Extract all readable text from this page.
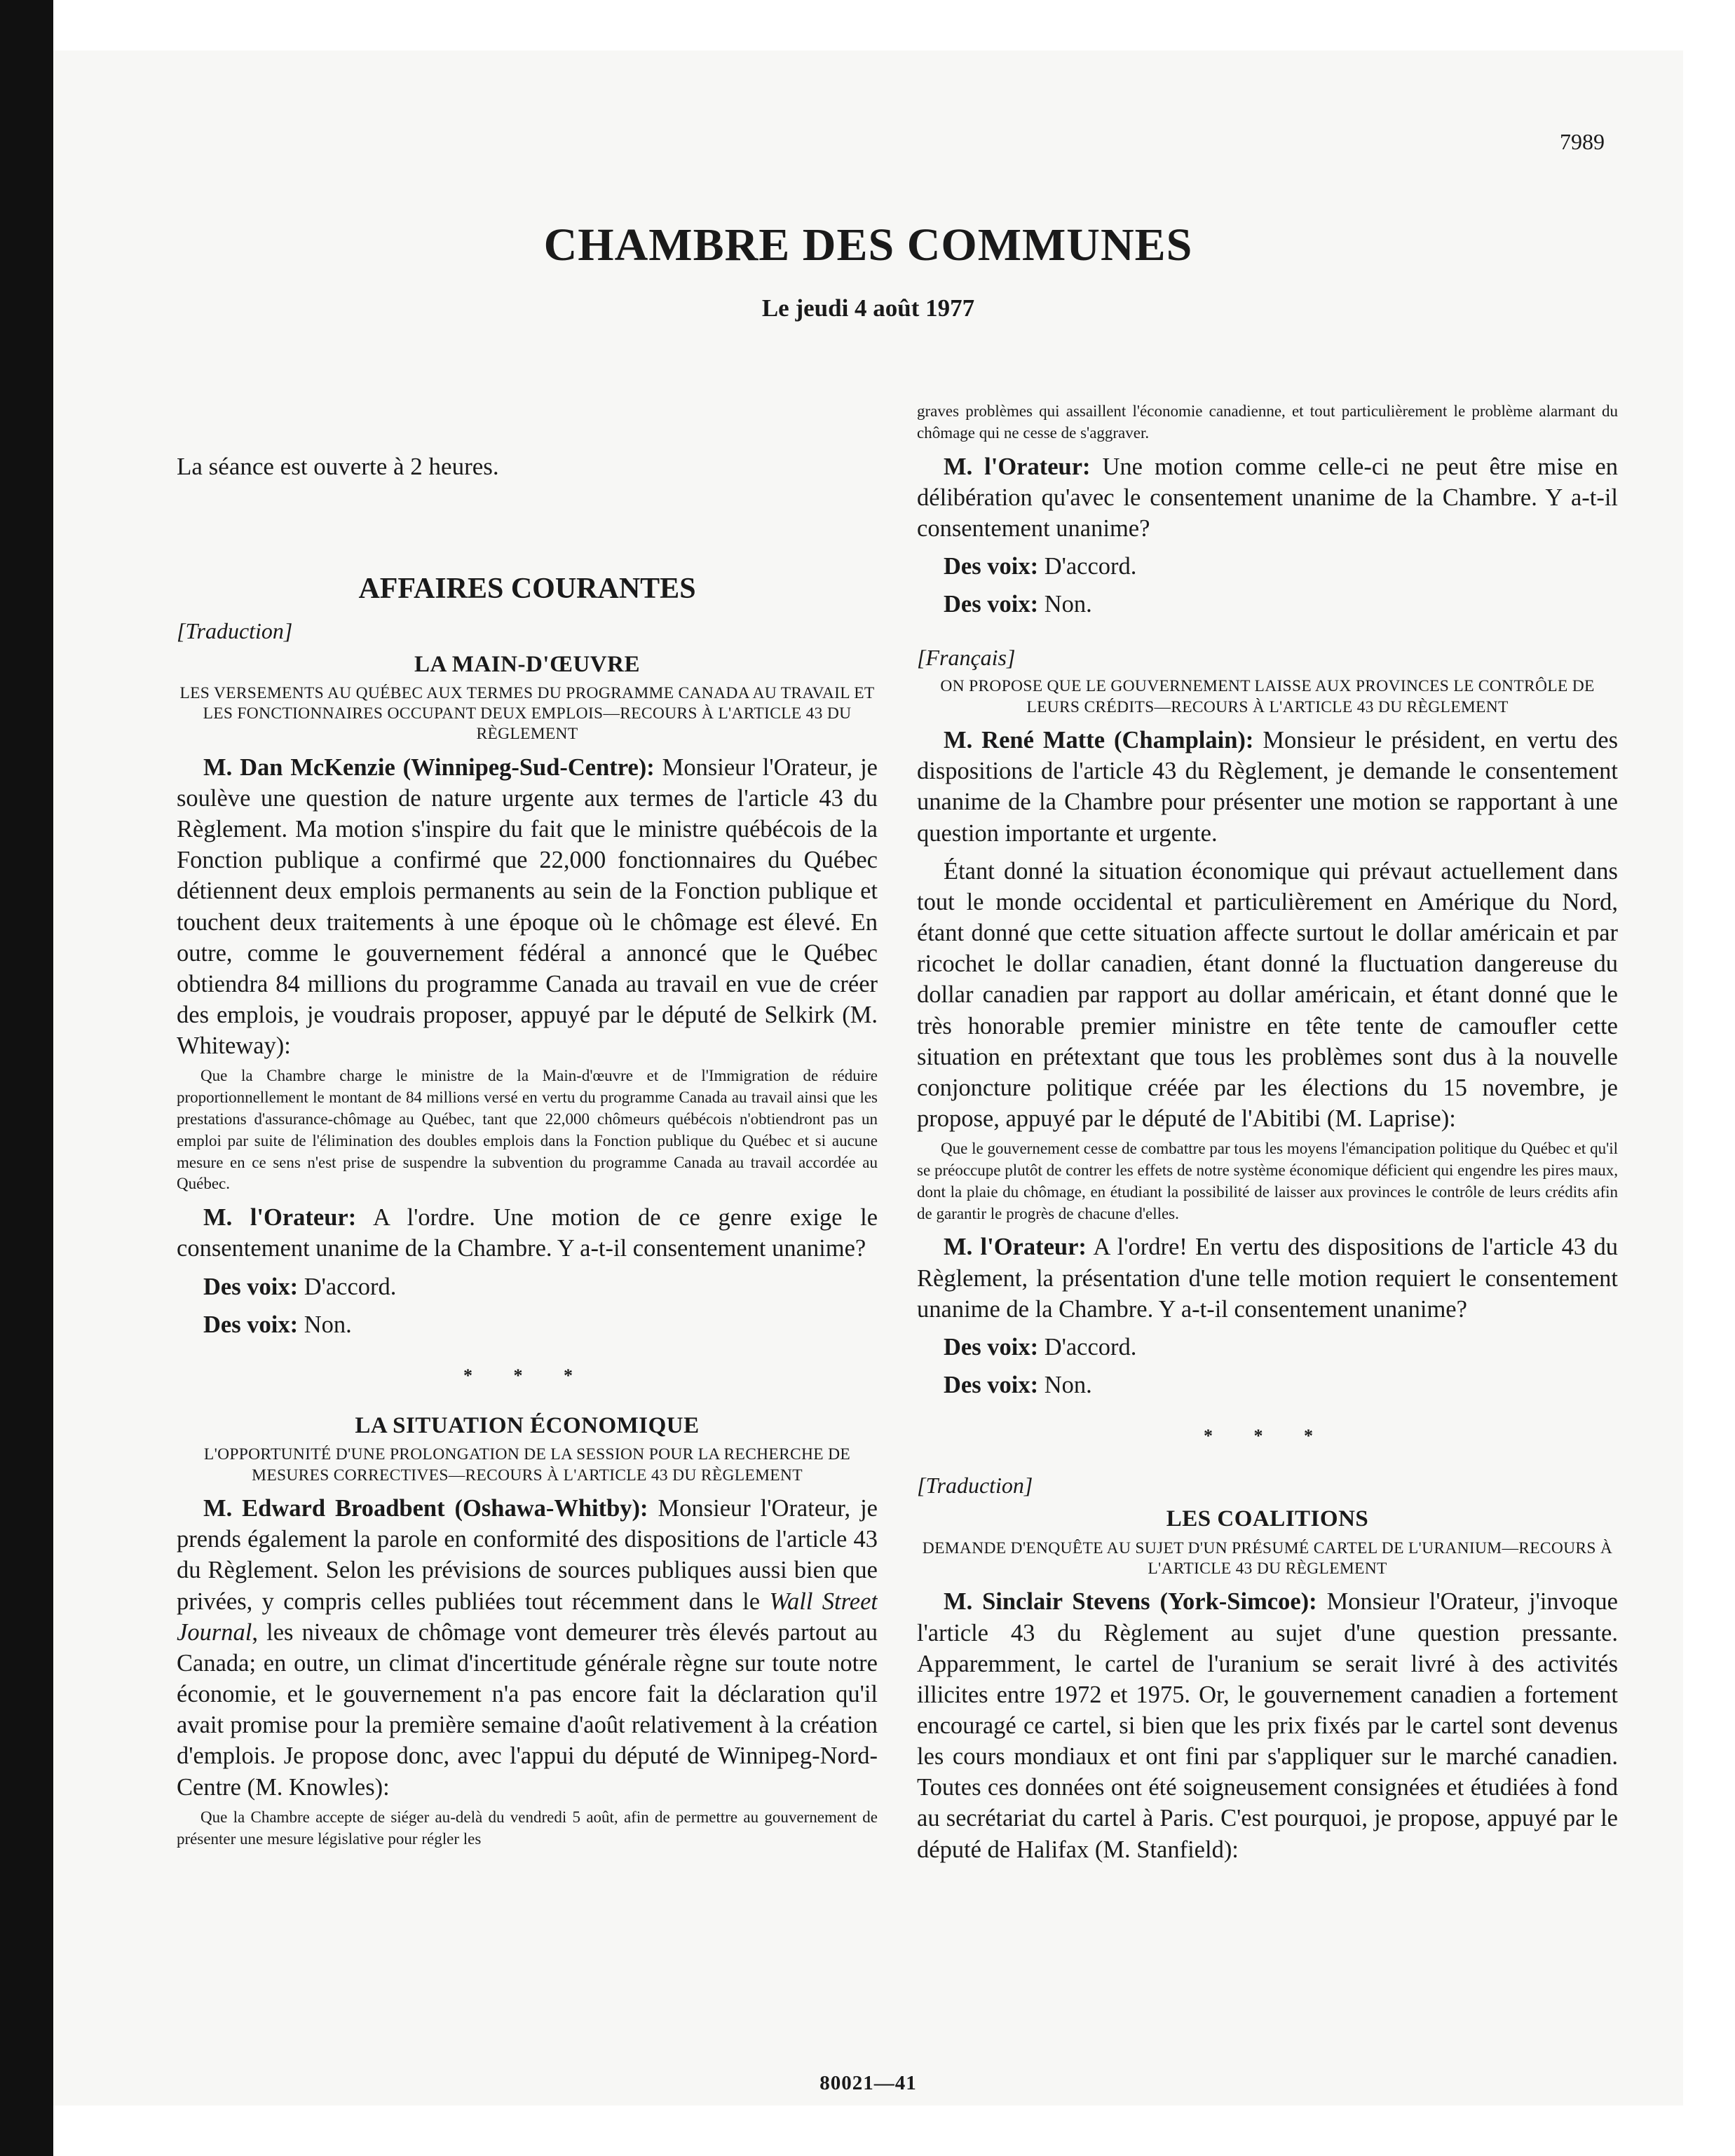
7989
CHAMBRE DES COMMUNES
Le jeudi 4 août 1977

La séance est ouverte à 2 heures.

AFFAIRES COURANTES
[Traduction]
LA MAIN-D'ŒUVRE
LES VERSEMENTS AU QUÉBEC AUX TERMES DU PROGRAMME CANADA AU TRAVAIL ET LES FONCTIONNAIRES OCCUPANT DEUX EMPLOIS—RECOURS À L'ARTICLE 43 DU RÈGLEMENT

M. Dan McKenzie (Winnipeg-Sud-Centre): Monsieur l'Orateur, je soulève une question de nature urgente aux termes de l'article 43 du Règlement. Ma motion s'inspire du fait que le ministre québécois de la Fonction publique a confirmé que 22,000 fonctionnaires du Québec détiennent deux emplois permanents au sein de la Fonction publique et touchent deux traitements à une époque où le chômage est élevé. En outre, comme le gouvernement fédéral a annoncé que le Québec obtiendra 84 millions du programme Canada au travail en vue de créer des emplois, je voudrais proposer, appuyé par le député de Selkirk (M. Whiteway):

Que la Chambre charge le ministre de la Main-d'œuvre et de l'Immigration de réduire proportionnellement le montant de 84 millions versé en vertu du programme Canada au travail ainsi que les prestations d'assurance-chômage au Québec, tant que 22,000 chômeurs québécois n'obtiendront pas un emploi par suite de l'élimination des doubles emplois dans la Fonction publique du Québec et si aucune mesure en ce sens n'est prise de suspendre la subvention du programme Canada au travail accordée au Québec.

M. l'Orateur: A l'ordre. Une motion de ce genre exige le consentement unanime de la Chambre. Y a-t-il consentement unanime?

Des voix: D'accord.

Des voix: Non.

* * *
LA SITUATION ÉCONOMIQUE
L'OPPORTUNITÉ D'UNE PROLONGATION DE LA SESSION POUR LA RECHERCHE DE MESURES CORRECTIVES—RECOURS À L'ARTICLE 43 DU RÈGLEMENT

M. Edward Broadbent (Oshawa-Whitby): Monsieur l'Orateur, je prends également la parole en conformité des dispositions de l'article 43 du Règlement. Selon les prévisions de sources publiques aussi bien que privées, y compris celles publiées tout récemment dans le Wall Street Journal, les niveaux de chômage vont demeurer très élevés partout au Canada; en outre, un climat d'incertitude générale règne sur toute notre économie, et le gouvernement n'a pas encore fait la déclaration qu'il avait promise pour la première semaine d'août relativement à la création d'emplois. Je propose donc, avec l'appui du député de Winnipeg-Nord-Centre (M. Knowles):

Que la Chambre accepte de siéger au-delà du vendredi 5 août, afin de permettre au gouvernement de présenter une mesure législative pour régler les

graves problèmes qui assaillent l'économie canadienne, et tout particulièrement le problème alarmant du chômage qui ne cesse de s'aggraver.

M. l'Orateur: Une motion comme celle-ci ne peut être mise en délibération qu'avec le consentement unanime de la Chambre. Y a-t-il consentement unanime?

Des voix: D'accord.

Des voix: Non.

[Français]
ON PROPOSE QUE LE GOUVERNEMENT LAISSE AUX PROVINCES LE CONTRÔLE DE LEURS CRÉDITS—RECOURS À L'ARTICLE 43 DU RÈGLEMENT

M. René Matte (Champlain): Monsieur le président, en vertu des dispositions de l'article 43 du Règlement, je demande le consentement unanime de la Chambre pour présenter une motion se rapportant à une question importante et urgente.

Étant donné la situation économique qui prévaut actuellement dans tout le monde occidental et particulièrement en Amérique du Nord, étant donné que cette situation affecte surtout le dollar américain et par ricochet le dollar canadien, étant donné la fluctuation dangereuse du dollar canadien par rapport au dollar américain, et étant donné que le très honorable premier ministre en tête tente de camoufler cette situation en prétextant que tous les problèmes sont dus à la nouvelle conjoncture politique créée par les élections du 15 novembre, je propose, appuyé par le député de l'Abitibi (M. Laprise):

Que le gouvernement cesse de combattre par tous les moyens l'émancipation politique du Québec et qu'il se préoccupe plutôt de contrer les effets de notre système économique déficient qui engendre les pires maux, dont la plaie du chômage, en étudiant la possibilité de laisser aux provinces le contrôle de leurs crédits afin de garantir le progrès de chacune d'elles.

M. l'Orateur: A l'ordre! En vertu des dispositions de l'article 43 du Règlement, la présentation d'une telle motion requiert le consentement unanime de la Chambre. Y a-t-il consentement unanime?

Des voix: D'accord.

Des voix: Non.

* * *
[Traduction]
LES COALITIONS
DEMANDE D'ENQUÊTE AU SUJET D'UN PRÉSUMÉ CARTEL DE L'URANIUM—RECOURS À L'ARTICLE 43 DU RÈGLEMENT

M. Sinclair Stevens (York-Simcoe): Monsieur l'Orateur, j'invoque l'article 43 du Règlement au sujet d'une question pressante. Apparemment, le cartel de l'uranium se serait livré à des activités illicites entre 1972 et 1975. Or, le gouvernement canadien a fortement encouragé ce cartel, si bien que les prix fixés par le cartel sont devenus les cours mondiaux et ont fini par s'appliquer sur le marché canadien. Toutes ces données ont été soigneusement consignées et étudiées à fond au secrétariat du cartel à Paris. C'est pourquoi, je propose, appuyé par le député de Halifax (M. Stanfield):

80021—41
